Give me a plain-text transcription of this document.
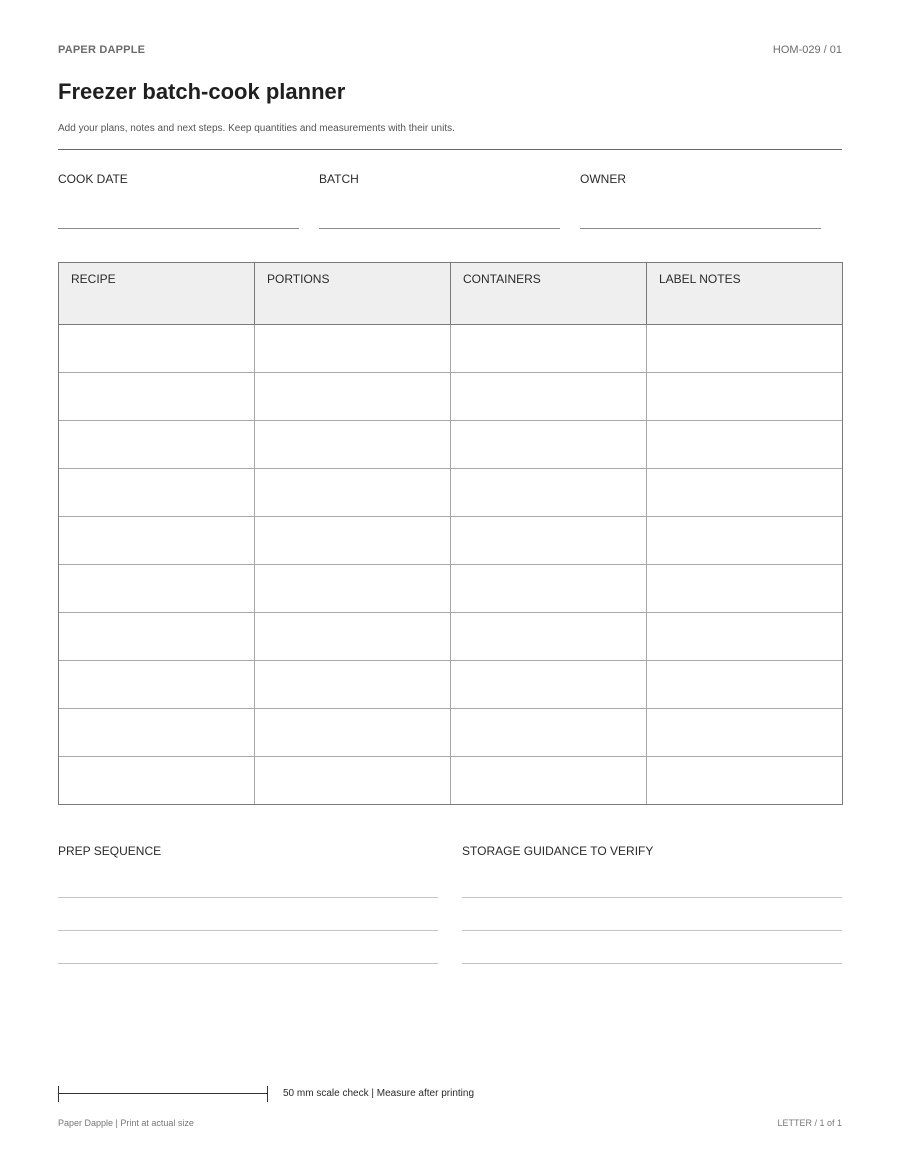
PAPER DAPPLE	HOM-029 / 01
Freezer batch-cook planner
Add your plans, notes and next steps. Keep quantities and measurements with their units.
COOK DATE	BATCH	OWNER
RECIPE	PORTIONS	CONTAINERS	LABEL NOTES

PREP SEQUENCE	STORAGE GUIDANCE TO VERIFY
50 mm scale check | Measure after printing
Paper Dapple | Print at actual size	LETTER / 1 of 1
